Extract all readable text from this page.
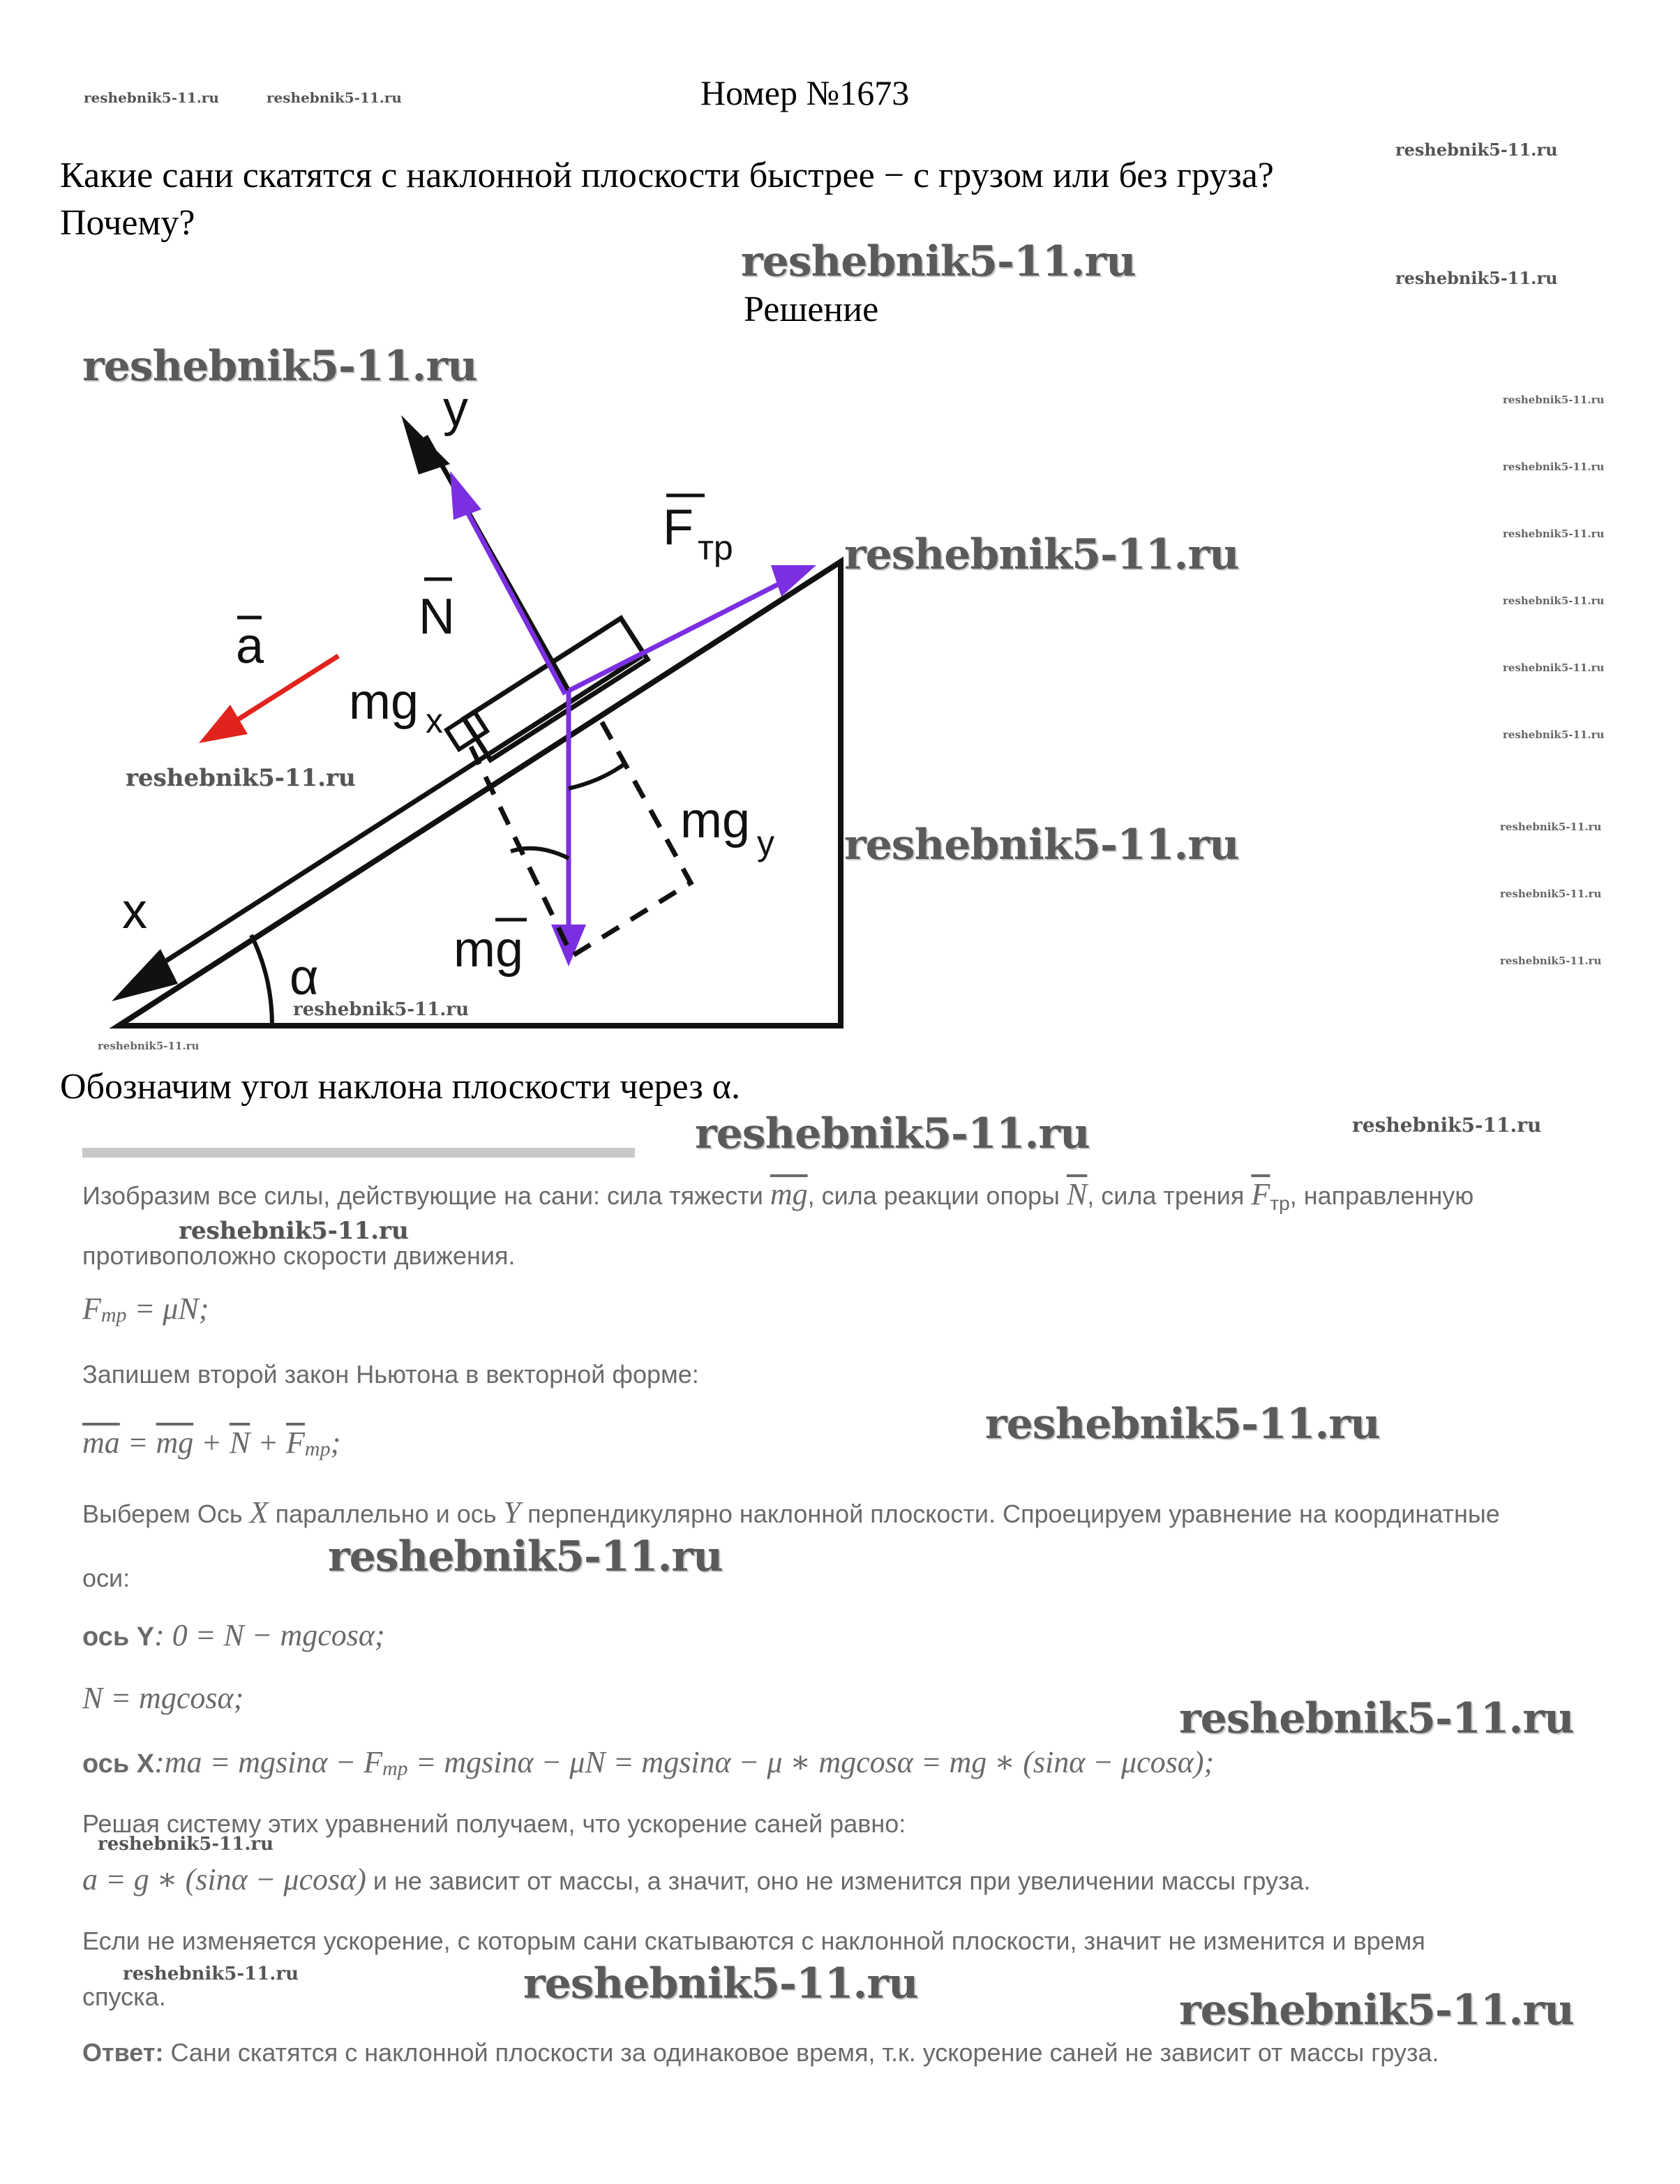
Номер №1673
Какие сани скатятся с наклонной плоскости быстрее − с грузом или без груза?
Почему?
Решение
y
N
F тр
a
mg x
mg y
mg
x
α
Обозначим угол наклона плоскости через α.
Изобразим все силы, действующие на сани: сила тяжести $\overline{mg}$, сила реакции опоры $\overline{N}$, сила трения $\overline{F}_{тр}$, направленную
противоположно скорости движения.
$F_{тр} = \mu N$;
Запишем второй закон Ньютона в векторной форме:
$\overline{ma} = \overline{mg} + \overline{N} + \overline{F}_{тр}$;
Выберем Ось X параллельно и ось Y перпендикулярно наклонной плоскости. Спроецируем уравнение на координатные
оси:
ось Y: 0 = N − mgcosα;
N = mgcosα;
ось X:ma = $mgsin\alpha - F_{тр} = mgsin\alpha - \mu N = mgsin\alpha - \mu$ ∗ mgcosα = mg ∗ (sinα − μcosα);
Решая систему этих уравнений получаем, что ускорение саней равно:
a = g ∗ (sinα − μcosα) и не зависит от массы, а значит, оно не изменится при увеличении массы груза.
Если не изменяется ускорение, с которым сани скатываются с наклонной плоскости, значит не изменится и время
спуска.
Ответ: Сани скатятся с наклонной плоскости за одинаковое время, т.к. ускорение саней не зависит от массы груза.
reshebnik5-11.ru	reshebnik5-11.ru
reshebnik5-11.ru
reshebnik5-11.ru	reshebnik5-11.ru
reshebnik5-11.ru
reshebnik5-11.ru
reshebnik5-11.ru
reshebnik5-11.ru
reshebnik5-11.ru
reshebnik5-11.ru
reshebnik5-11.ru
reshebnik5-11.ru
reshebnik5-11.ru
reshebnik5-11.ru
reshebnik5-11.ru
reshebnik5-11.ru
reshebnik5-11.ru
reshebnik5-11.ru
reshebnik5-11.ru
reshebnik5-11.ru	reshebnik5-11.ru
reshebnik5-11.ru
reshebnik5-11.ru
reshebnik5-11.ru
reshebnik5-11.ru
reshebnik5-11.ru
reshebnik5-11.ru	reshebnik5-11.ru
reshebnik5-11.ru
